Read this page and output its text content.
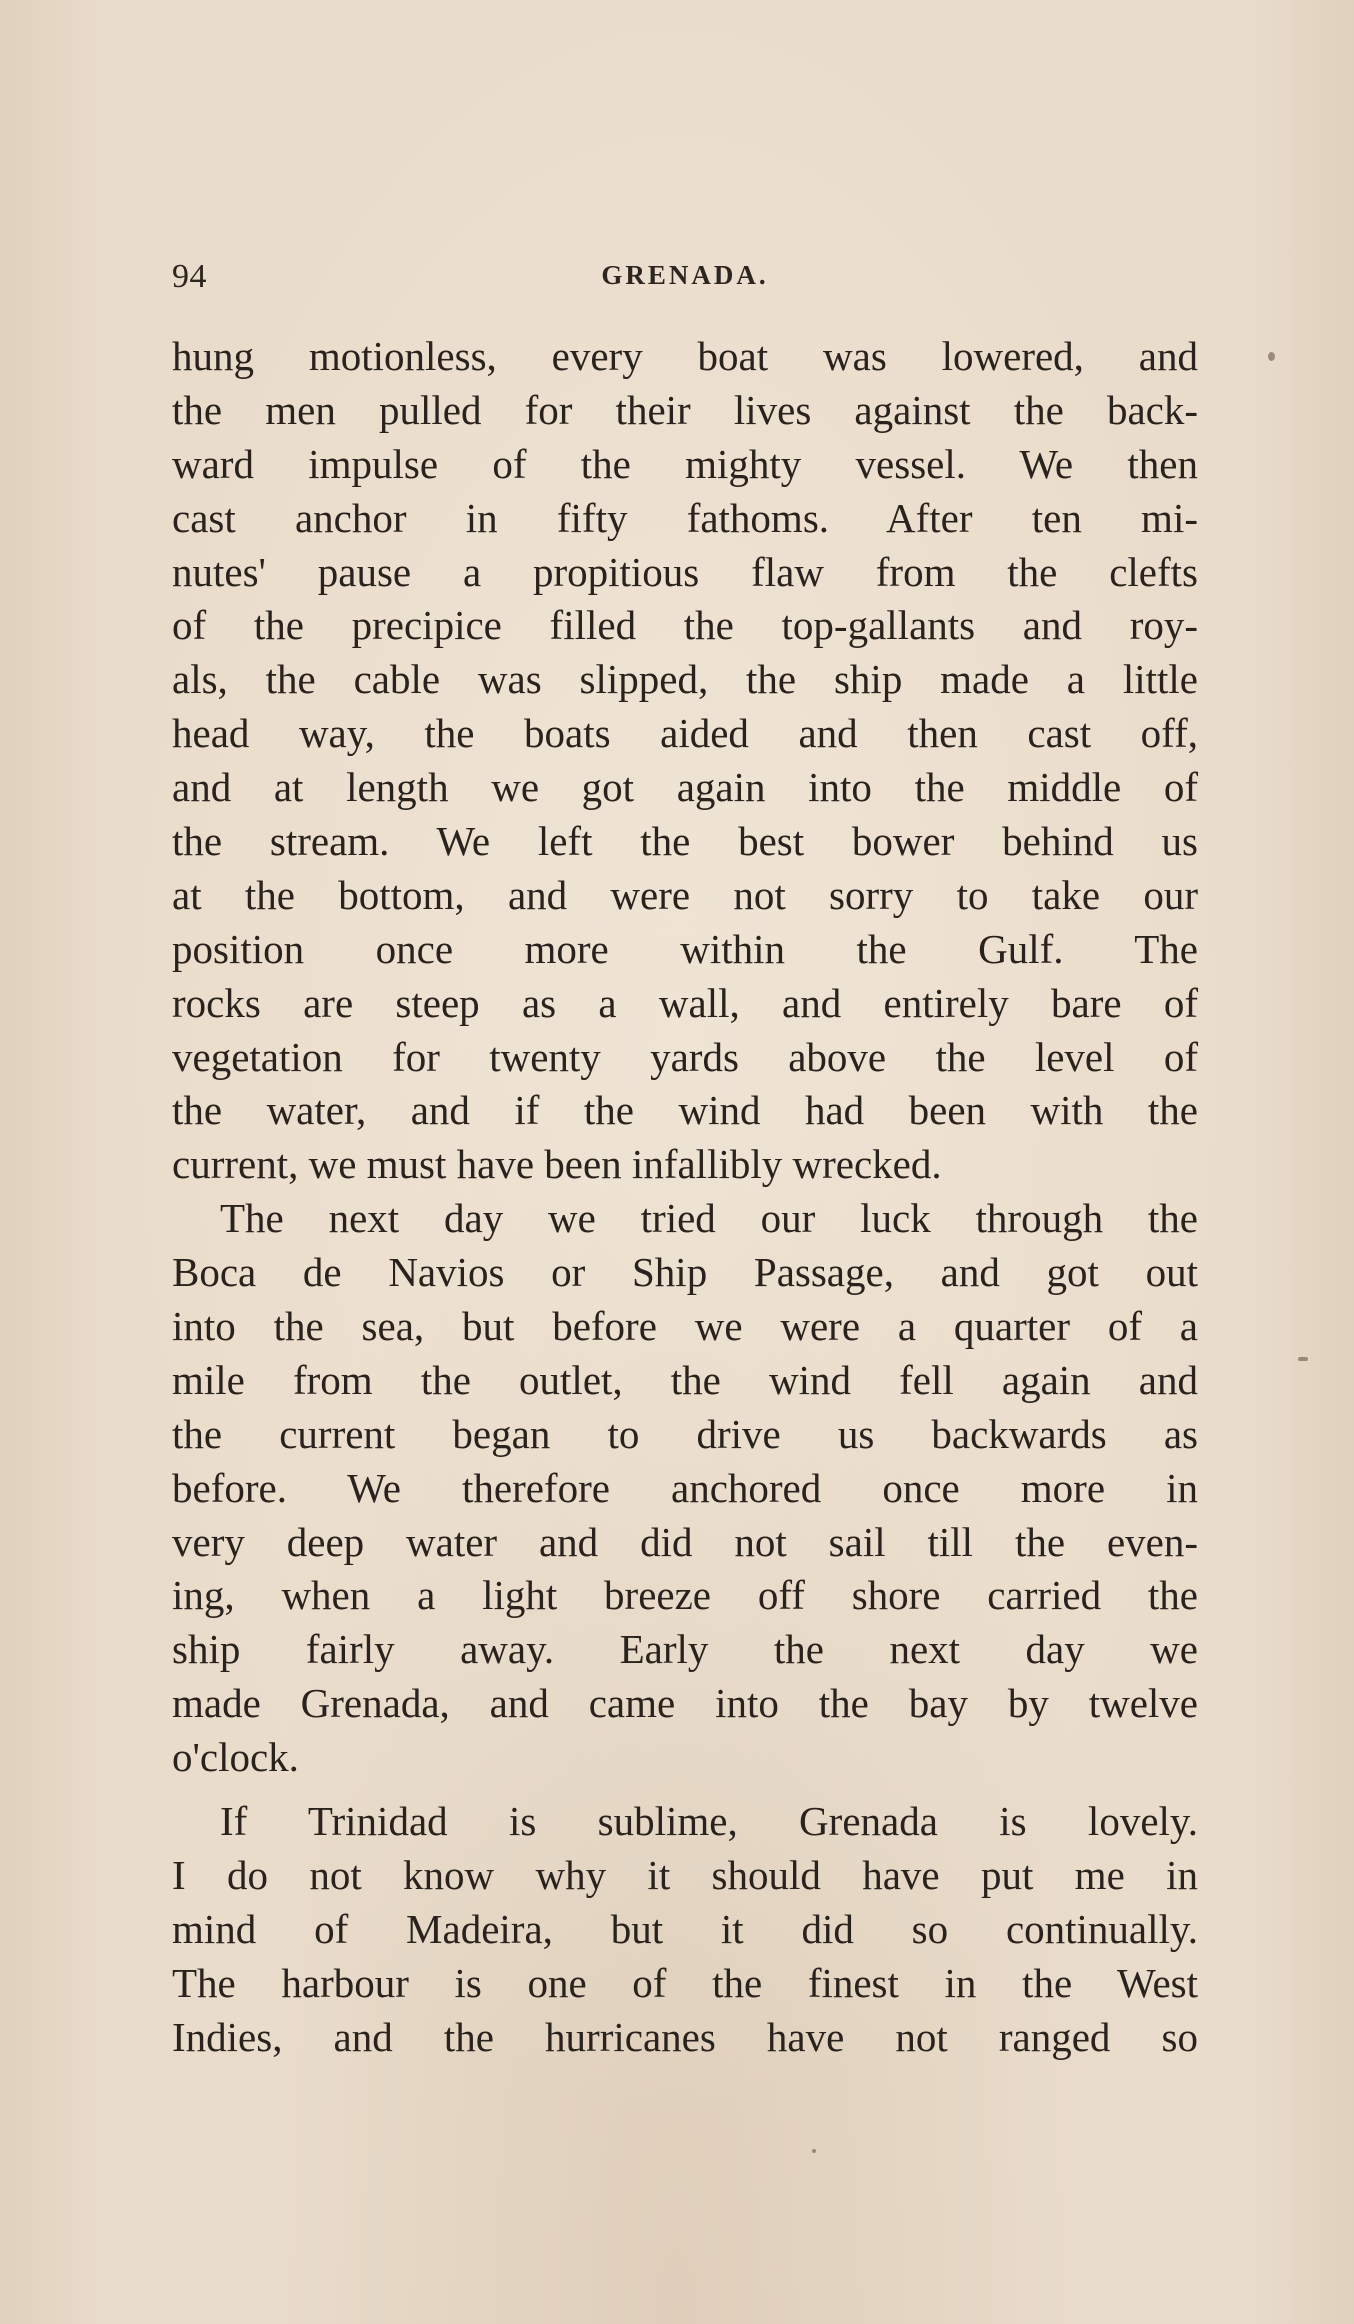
94	GRENADA.
hung motionless, every boat was lowered, and
the men pulled for their lives against the back-
ward impulse of the mighty vessel. We then
cast anchor in fifty fathoms. After ten mi-
nutes' pause a propitious flaw from the clefts
of the precipice filled the top-gallants and roy-
als, the cable was slipped, the ship made a little
head way, the boats aided and then cast off,
and at length we got again into the middle of
the stream. We left the best bower behind us
at the bottom, and were not sorry to take our
position once more within the Gulf. The
rocks are steep as a wall, and entirely bare of
vegetation for twenty yards above the level of
the water, and if the wind had been with the
current, we must have been infallibly wrecked.
The next day we tried our luck through the
Boca de Navios or Ship Passage, and got out
into the sea, but before we were a quarter of a
mile from the outlet, the wind fell again and
the current began to drive us backwards as
before. We therefore anchored once more in
very deep water and did not sail till the even-
ing, when a light breeze off shore carried the
ship fairly away. Early the next day we
made Grenada, and came into the bay by twelve
o'clock.
If Trinidad is sublime, Grenada is lovely.
I do not know why it should have put me in
mind of Madeira, but it did so continually.
The harbour is one of the finest in the West
Indies, and the hurricanes have not ranged so
